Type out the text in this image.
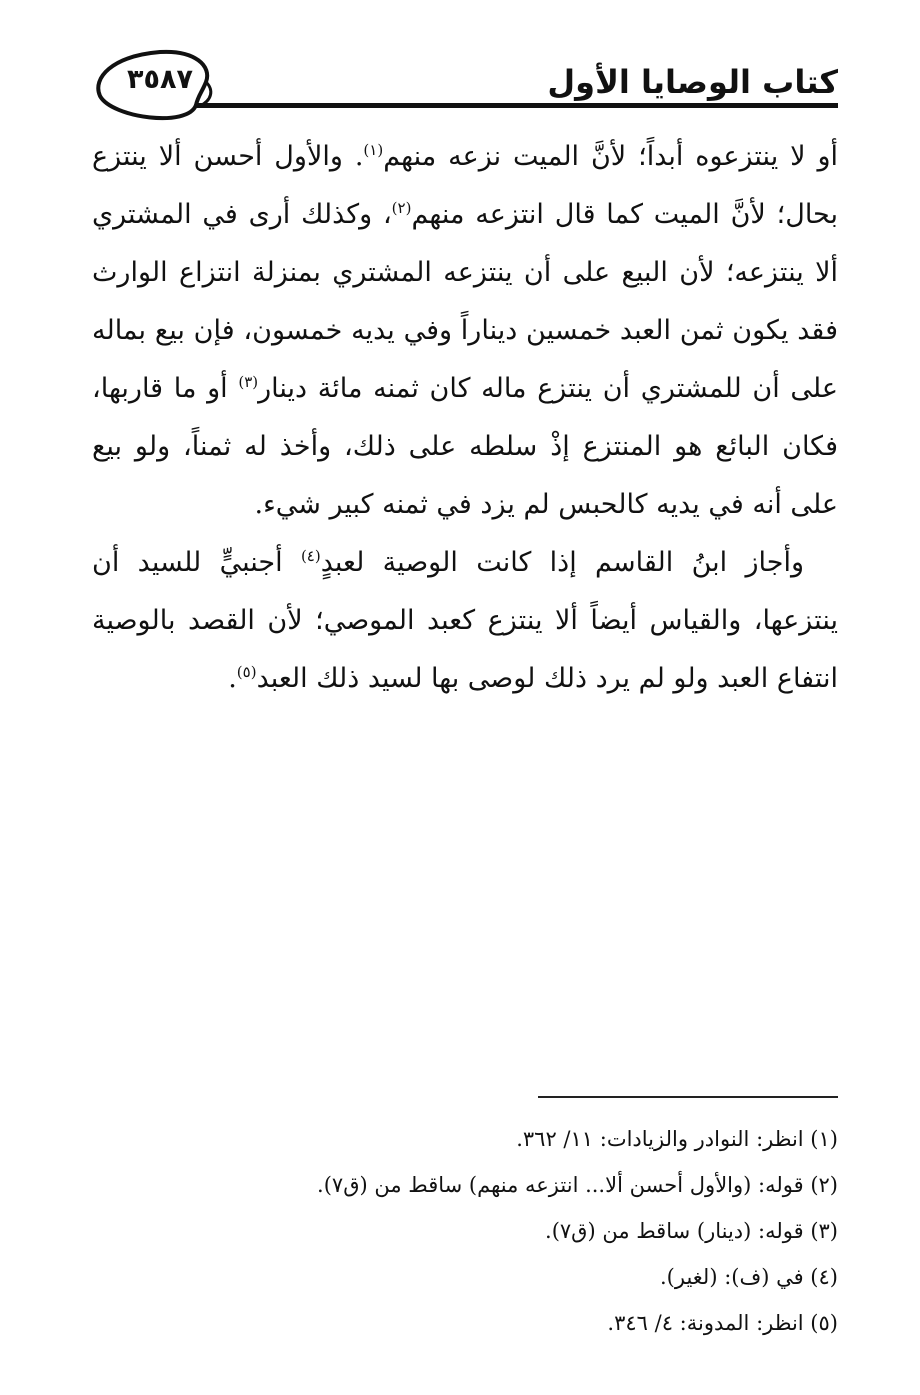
كتاب الوصايا الأول
٣٥٨٧

أو لا ينتزعوه أبداً؛ لأنَّ الميت نزعه منهم$^{(١)}$. والأول أحسن ألا ينتزع بحال؛ لأنَّ الميت كما قال انتزعه منهم$^{(٢)}$، وكذلك أرى في المشتري ألا ينتزعه؛ لأن البيع على أن ينتزعه المشتري بمنزلة انتزاع الوارث فقد يكون ثمن العبد خمسين ديناراً وفي يديه خمسون، فإن بيع بماله على أن للمشتري أن ينتزع ماله كان ثمنه مائة دينار$^{(٣)}$ أو ما قاربها، فكان البائع هو المنتزع إذْ سلطه على ذلك، وأخذ له ثمناً، ولو بيع على أنه في يديه كالحبس لم يزد في ثمنه كبير شيء.

وأجاز ابنُ القاسم إذا كانت الوصية لعبدٍ$^{(٤)}$ أجنبيٍّ للسيد أن ينتزعها، والقياس أيضاً ألا ينتزع كعبد الموصي؛ لأن القصد بالوصية انتفاع العبد ولو لم يرد ذلك لوصى بها لسيد ذلك العبد$^{(٥)}$.

(١) انظر: النوادر والزيادات: ١١/ ٣٦٢.
(٢) قوله: (والأول أحسن ألا... انتزعه منهم) ساقط من (ق٧).
(٣) قوله: (دينار) ساقط من (ق٧).
(٤) في (ف): (لغير).
(٥) انظر: المدونة: ٤/ ٣٤٦.
